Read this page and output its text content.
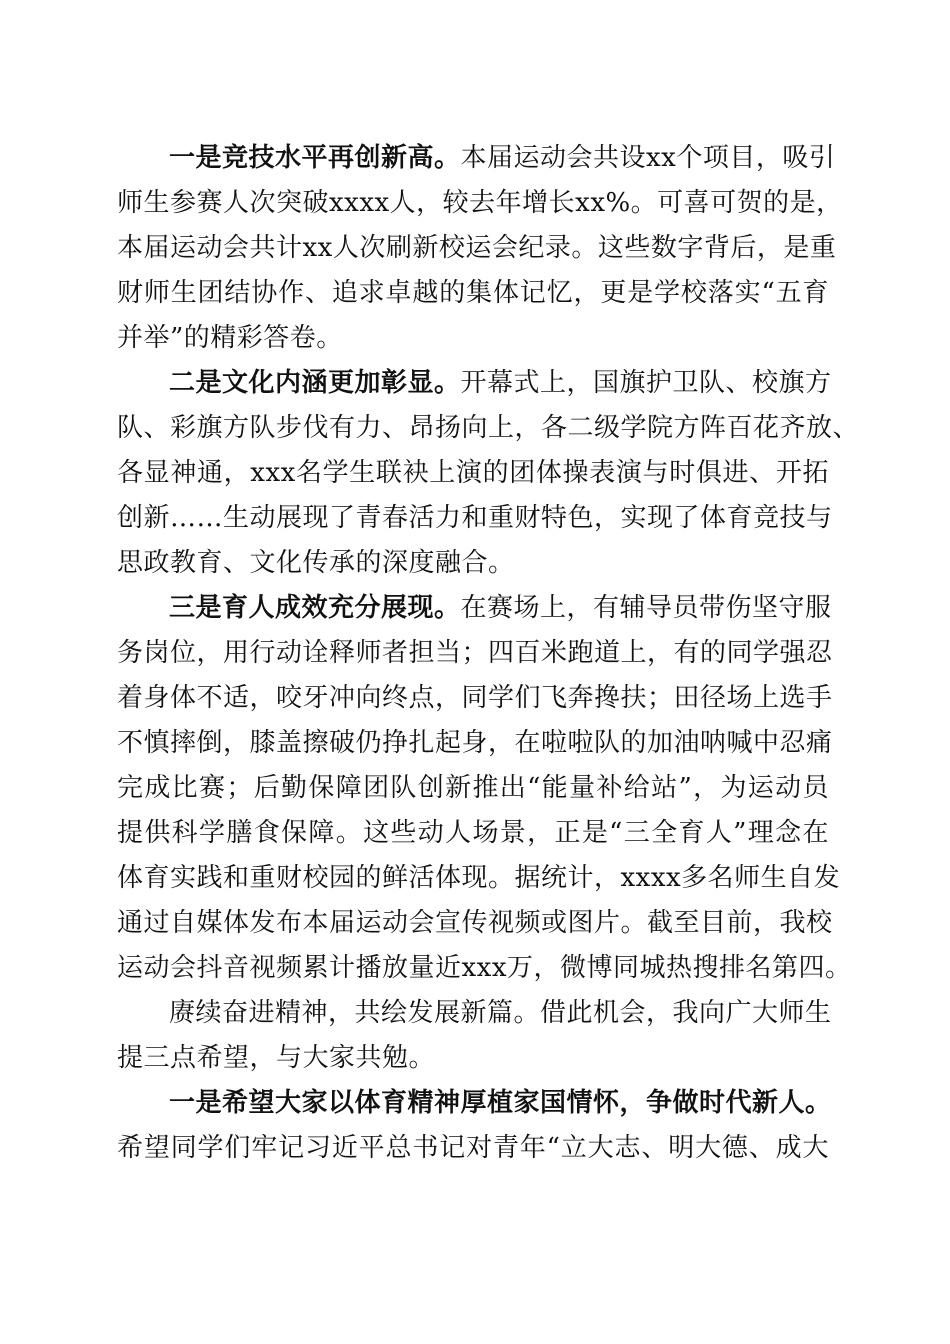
一是竞技水平再创新高。本届运动会共设xx个项目，吸引
师生参赛人次突破xxxx人，较去年增长xx%。可喜可贺的是，
本届运动会共计xx人次刷新校运会纪录。这些数字背后，是重
财师生团结协作、追求卓越的集体记忆，更是学校落实“五育
并举”的精彩答卷。
二是文化内涵更加彰显。开幕式上，国旗护卫队、校旗方
队、彩旗方队步伐有力、昂扬向上，各二级学院方阵百花齐放、
各显神通，xxx名学生联袂上演的团体操表演与时俱进、开拓
创新……生动展现了青春活力和重财特色，实现了体育竞技与
思政教育、文化传承的深度融合。
三是育人成效充分展现。在赛场上，有辅导员带伤坚守服
务岗位，用行动诠释师者担当；四百米跑道上，有的同学强忍
着身体不适，咬牙冲向终点，同学们飞奔搀扶；田径场上选手
不慎摔倒，膝盖擦破仍挣扎起身，在啦啦队的加油呐喊中忍痛
完成比赛；后勤保障团队创新推出“能量补给站”，为运动员
提供科学膳食保障。这些动人场景，正是“三全育人”理念在
体育实践和重财校园的鲜活体现。据统计，xxxx多名师生自发
通过自媒体发布本届运动会宣传视频或图片。截至目前，我校
运动会抖音视频累计播放量近xxx万，微博同城热搜排名第四。
赓续奋进精神，共绘发展新篇。借此机会，我向广大师生
提三点希望，与大家共勉。
一是希望大家以体育精神厚植家国情怀，争做时代新人。
希望同学们牢记习近平总书记对青年“立大志、明大德、成大
